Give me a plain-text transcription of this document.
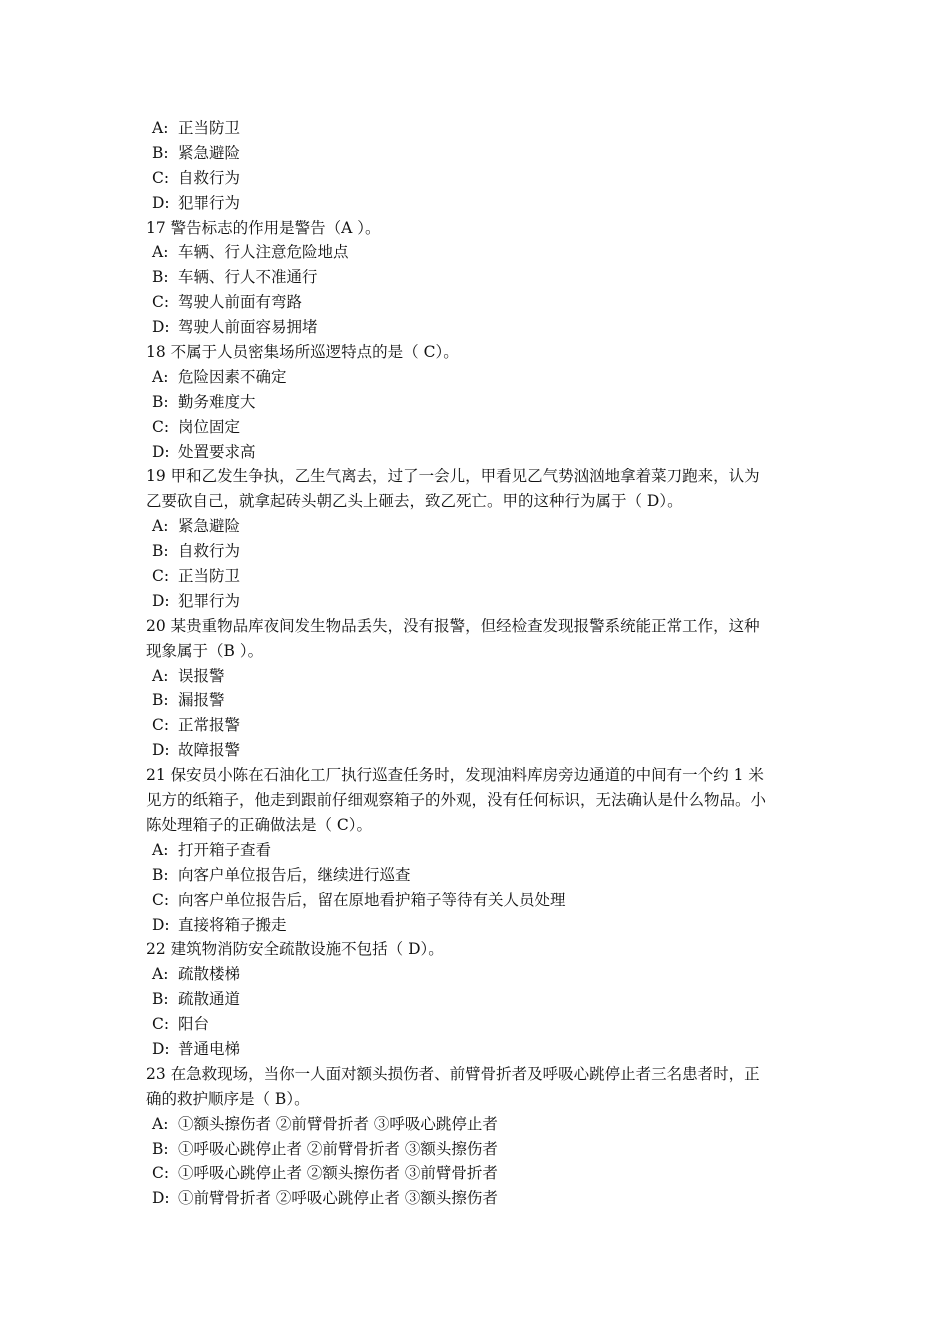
A: 正当防卫
B: 紧急避险
C: 自救行为
D: 犯罪行为
17 警告标志的作用是警告（A ）。
A: 车辆、行人注意危险地点
B: 车辆、行人不准通行
C: 驾驶人前面有弯路
D: 驾驶人前面容易拥堵
18 不属于人员密集场所巡逻特点的是（ C）。
A: 危险因素不确定
B: 勤务难度大
C: 岗位固定
D: 处置要求高
19 甲和乙发生争执，乙生气离去，过了一会儿，甲看见乙气势汹汹地拿着菜刀跑来，认为
乙要砍自己，就拿起砖头朝乙头上砸去，致乙死亡。甲的这种行为属于（ D）。
A: 紧急避险
B: 自救行为
C: 正当防卫
D: 犯罪行为
20 某贵重物品库夜间发生物品丢失，没有报警，但经检查发现报警系统能正常工作，这种
现象属于（B ）。
A: 误报警
B: 漏报警
C: 正常报警
D: 故障报警
21 保安员小陈在石油化工厂执行巡查任务时，发现油料库房旁边通道的中间有一个约 1 米
见方的纸箱子，他走到跟前仔细观察箱子的外观，没有任何标识，无法确认是什么物品。小
陈处理箱子的正确做法是（ C）。
A: 打开箱子查看
B: 向客户单位报告后，继续进行巡查
C: 向客户单位报告后，留在原地看护箱子等待有关人员处理
D: 直接将箱子搬走
22 建筑物消防安全疏散设施不包括（ D）。
A: 疏散楼梯
B: 疏散通道
C: 阳台
D: 普通电梯
23 在急救现场，当你一人面对额头损伤者、前臂骨折者及呼吸心跳停止者三名患者时，正
确的救护顺序是（ B）。
A: ①额头擦伤者 ②前臂骨折者 ③呼吸心跳停止者
B: ①呼吸心跳停止者 ②前臂骨折者 ③额头擦伤者
C: ①呼吸心跳停止者 ②额头擦伤者 ③前臂骨折者
D: ①前臂骨折者 ②呼吸心跳停止者 ③额头擦伤者
